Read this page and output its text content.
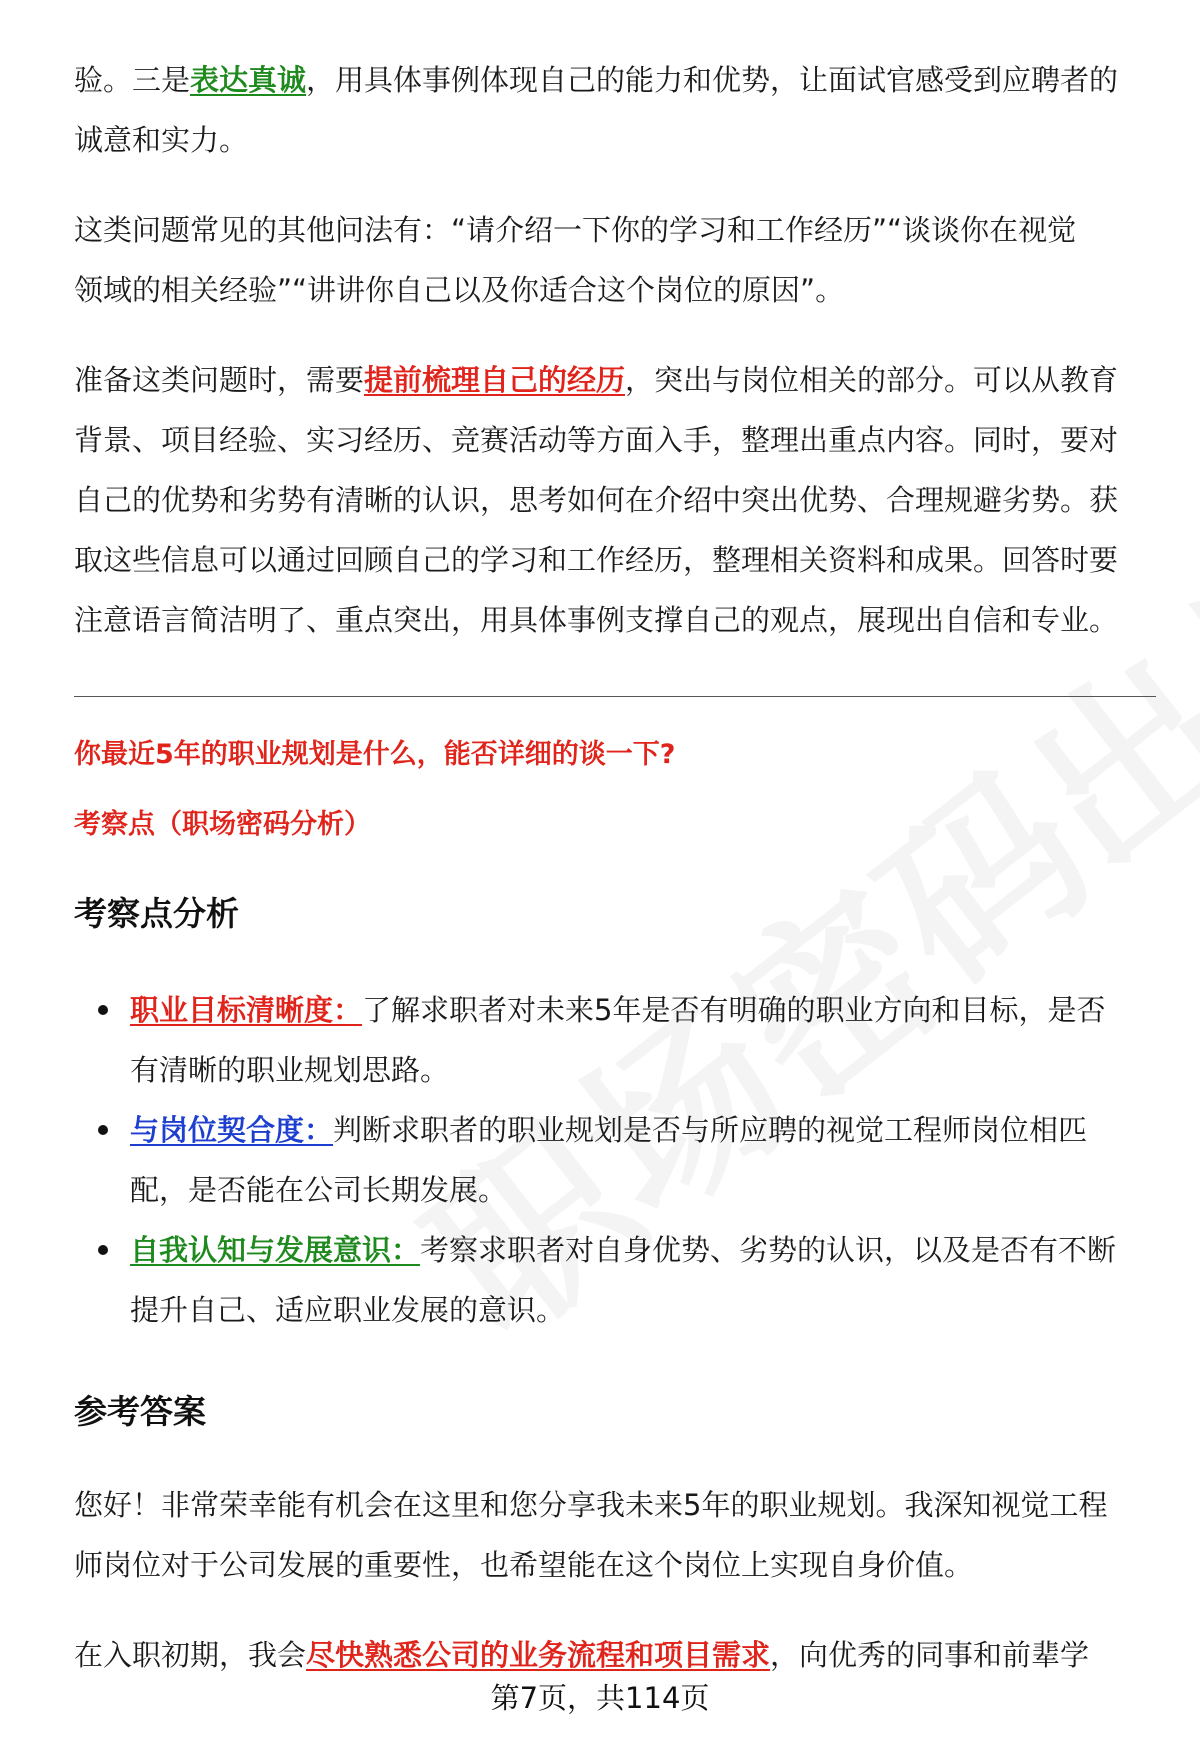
验。三是表达真诚，用具体事例体现自己的能力和优势，让面试官感受到应聘者的

诚意和实力。

这类问题常见的其他问法有：“请介绍一下你的学习和工作经历”“谈谈你在视觉

领域的相关经验”“讲讲你自己以及你适合这个岗位的原因”。

准备这类问题时，需要提前梳理自己的经历，突出与岗位相关的部分。可以从教育

背景、项目经验、实习经历、竞赛活动等方面入手，整理出重点内容。同时，要对

自己的优势和劣势有清晰的认识，思考如何在介绍中突出优势、合理规避劣势。获

取这些信息可以通过回顾自己的学习和工作经历，整理相关资料和成果。回答时要

注意语言简洁明了、重点突出，用具体事例支撑自己的观点，展现出自信和专业。

你最近5年的职业规划是什么，能否详细的谈一下?

考察点（职场密码分析）

考察点分析

职业目标清晰度：了解求职者对未来5年是否有明确的职业方向和目标，是否

有清晰的职业规划思路。

与岗位契合度：判断求职者的职业规划是否与所应聘的视觉工程师岗位相匹

配，是否能在公司长期发展。

自我认知与发展意识：考察求职者对自身优势、劣势的认识，以及是否有不断

提升自己、适应职业发展的意识。

参考答案

您好！非常荣幸能有机会在这里和您分享我未来5年的职业规划。我深知视觉工程

师岗位对于公司发展的重要性，也希望能在这个岗位上实现自身价值。

在入职初期，我会尽快熟悉公司的业务流程和项目需求，向优秀的同事和前辈学

第7页，共114页
